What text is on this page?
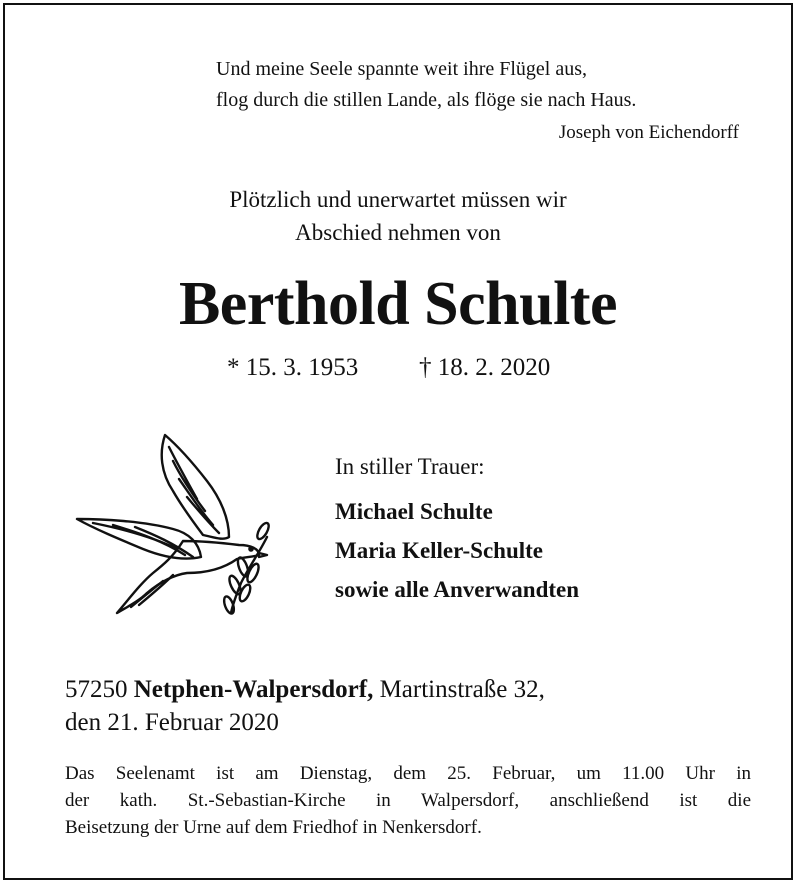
Und meine Seele spannte weit ihre Flügel aus,
flog durch die stillen Lande, als flöge sie nach Haus.
Joseph von Eichendorff
Plötzlich und unerwartet müssen wir
Abschied nehmen von
Berthold Schulte
* 15. 3. 1953 † 18. 2. 2020
In stiller Trauer:
Michael Schulte
Maria Keller-Schulte
sowie alle Anverwandten
57250 Netphen-Walpersdorf, Martinstraße 32,
den 21. Februar 2020
Das Seelenamt ist am Dienstag, dem 25. Februar, um 11.00 Uhr in
der kath. St.-Sebastian-Kirche in Walpersdorf, anschließend ist die
Beisetzung der Urne auf dem Friedhof in Nenkersdorf.
